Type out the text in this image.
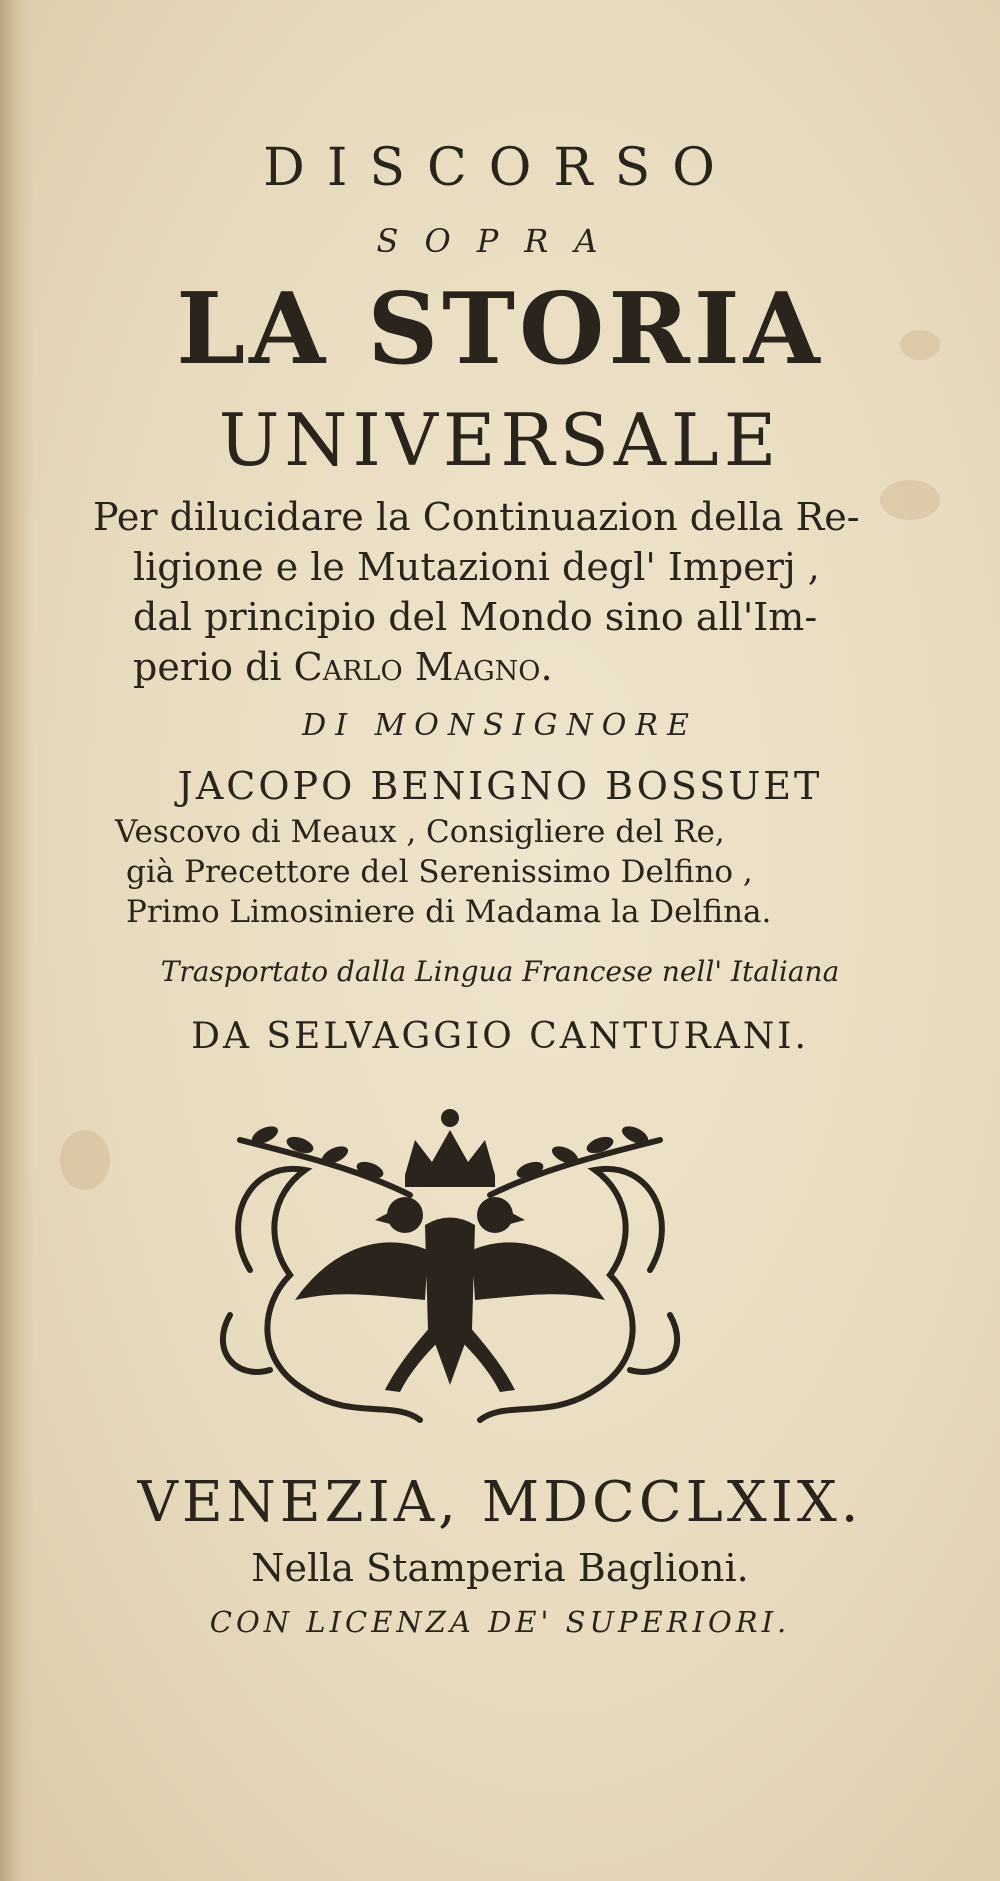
DISCORSO
SOPRA
LA STORIA
UNIVERSALE
Per dilucidare la Continuazion della Re-
ligione e le Mutazioni degl' Imperj ,
dal principio del Mondo sino all'Im-
perio di Carlo Magno.
DI MONSIGNORE
JACOPO BENIGNO BOSSUET
Vescovo di Meaux , Consigliere del Re,
già Precettore del Serenissimo Delfino ,
Primo Limosiniere di Madama la Delfina.
Trasportato dalla Lingua Francese nell' Italiana
DA SELVAGGIO CANTURANI.
VENEZIA, MDCCLXIX.
Nella Stamperia Baglioni.
CON LICENZA DE' SUPERIORI.
